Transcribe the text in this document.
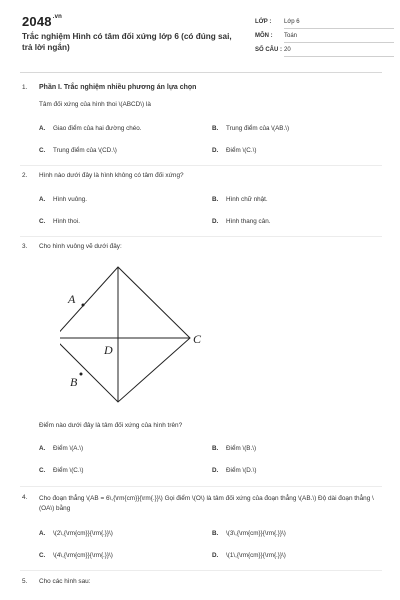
$2048^{.vn}$
Trắc nghiệm Hình có tâm đối xứng lớp 6 (có đúng sai, trả lời ngắn)
LỚP :	Lớp 6
MÔN :	Toán
SỐ CÂU : 20
1. Phần I. Trắc nghiệm nhiều phương án lựa chọn
Tâm đối xứng của hình thoi \(ABCD\) là
A. Giao điểm của hai đường chéo.	B. Trung điểm của \(AB.\)
C. Trung điểm của \(CD.\)	D. Điểm \(C.\)
2. Hình nào dưới đây là hình không có tâm đối xứng?
A. Hình vuông.	B. Hình chữ nhật.
C. Hình thoi.	D. Hình thang cân.
3. Cho hình vuông vẽ dưới đây:
A
B
C
D
Điểm nào dưới đây là tâm đối xứng của hình trên?
A. Điểm \(A.\)	B. Điểm \(B.\)
C. Điểm \(C.\)	D. Điểm \(D.\)
4. Cho đoạn thẳng \(AB = 6\,{\rm{cm}}{\rm{.}}\) Gọi điểm \(O\) là tâm đối xứng của đoạn thẳng \(AB.\) Độ dài đoạn thẳng \(OA\) bằng
A. \(2\,{\rm{cm}}{\rm{.}}\)	B. \(3\,{\rm{cm}}{\rm{.}}\)
C. \(4\,{\rm{cm}}{\rm{.}}\)	D. \(1\,{\rm{cm}}{\rm{.}}\)
5. Cho các hình sau:
